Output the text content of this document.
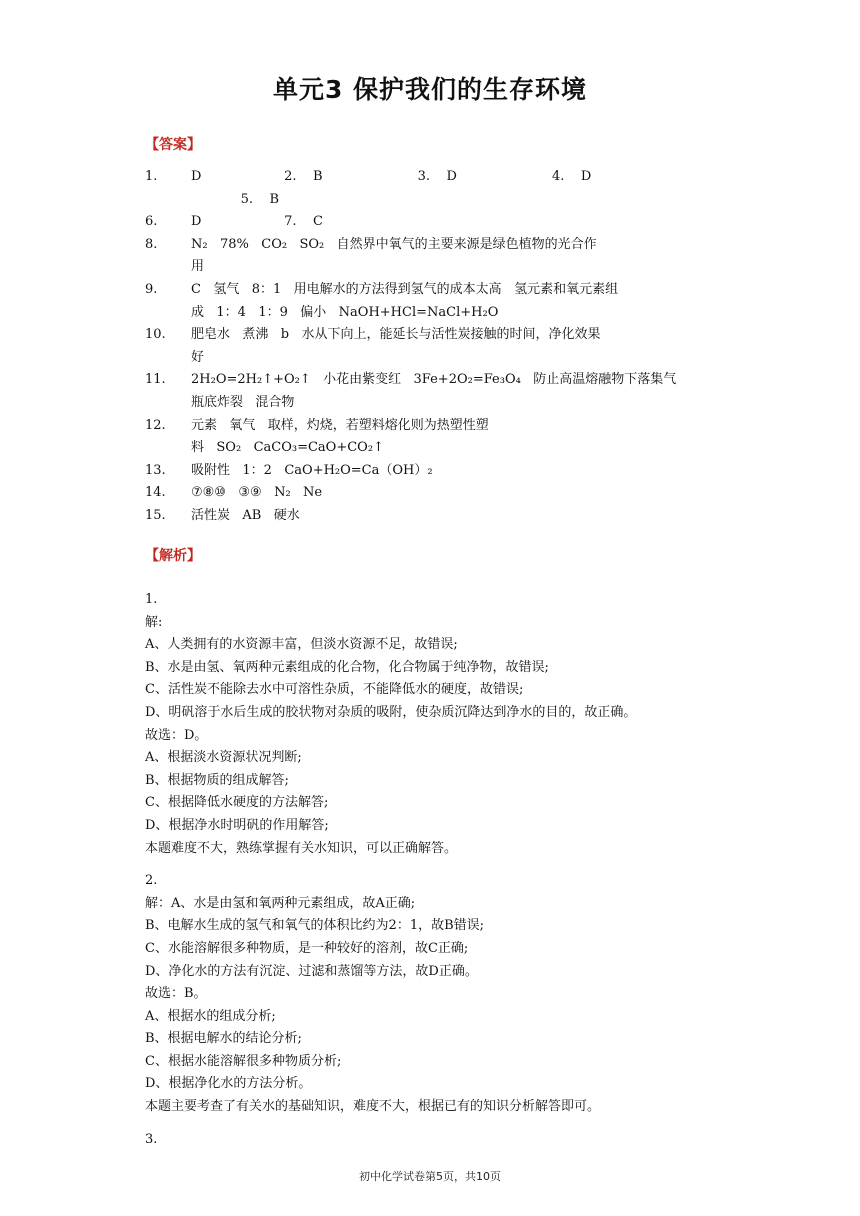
单元3 保护我们的生存环境
【答案】
1.	D                    2.    B                       3.    D                       4.    D
5.    B
6.	D                    7.    C
8.	N₂   78%   CO₂   SO₂   自然界中氧气的主要来源是绿色植物的光合作
用
9.	C   氢气   8：1   用电解水的方法得到氢气的成本太高   氢元素和氧元素组
成   1：4   1：9   偏小   NaOH+HCl=NaCl+H₂O
10. 肥皂水   煮沸   b   水从下向上，能延长与活性炭接触的时间，净化效果
好
11. 2H₂O=2H₂↑+O₂↑   小花由紫变红   3Fe+2O₂=Fe₃O₄   防止高温熔融物下落集气
瓶底炸裂   混合物
12. 元素   氧气   取样，灼烧，若塑料熔化则为热塑性塑
料   SO₂   CaCO₃=CaO+CO₂↑
13. 吸附性   1：2   CaO+H₂O=Ca（OH）₂
14. ⑦⑧⑩   ③⑨   N₂   Ne
15. 活性炭   AB   硬水
【解析】
1.
解:
A、人类拥有的水资源丰富，但淡水资源不足，故错误;
B、水是由氢、氧两种元素组成的化合物，化合物属于纯净物，故错误;
C、活性炭不能除去水中可溶性杂质，不能降低水的硬度，故错误;
D、明矾溶于水后生成的胶状物对杂质的吸附，使杂质沉降达到净水的目的，故正确。
故选：D。
A、根据淡水资源状况判断;
B、根据物质的组成解答;
C、根据降低水硬度的方法解答;
D、根据净水时明矾的作用解答;
本题难度不大，熟练掌握有关水知识，可以正确解答。
2.
解：A、水是由氢和氧两种元素组成，故A正确;
B、电解水生成的氢气和氧气的体积比约为2：1，故B错误;
C、水能溶解很多种物质，是一种较好的溶剂，故C正确;
D、净化水的方法有沉淀、过滤和蒸馏等方法，故D正确。
故选：B。
A、根据水的组成分析;
B、根据电解水的结论分析;
C、根据水能溶解很多种物质分析;
D、根据净化水的方法分析。
本题主要考查了有关水的基础知识，难度不大，根据已有的知识分析解答即可。
3.
初中化学试卷第5页，共10页
